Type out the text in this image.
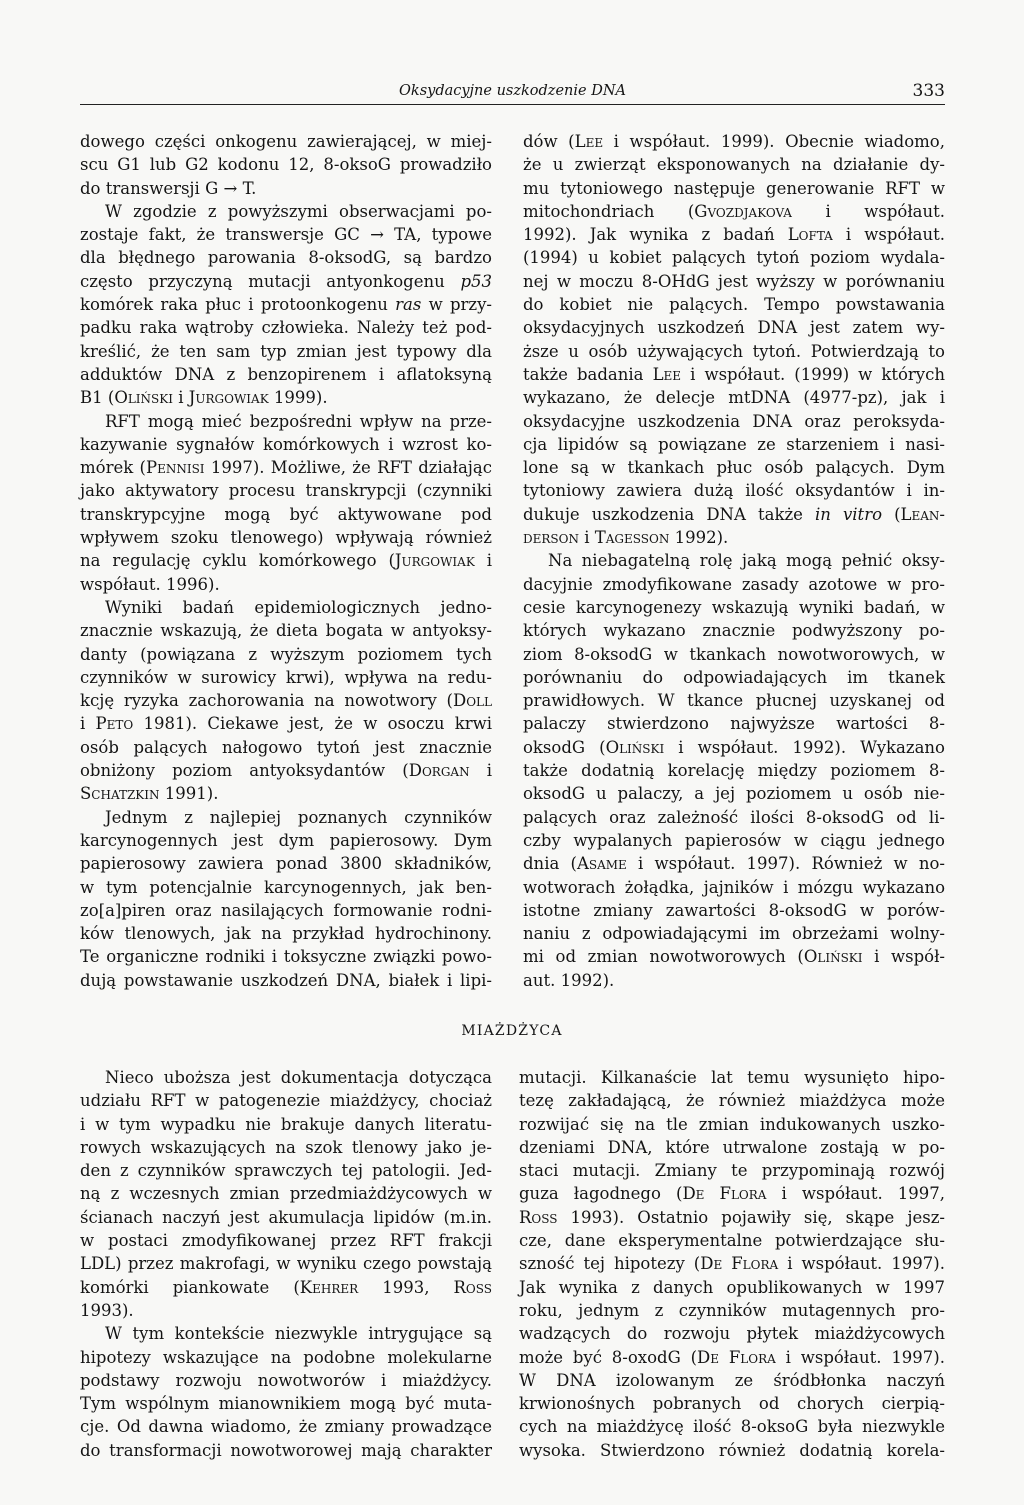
Oksydacyjne uszkodzenie DNA	333
dowego części onkogenu zawierającej, w miej-
scu G1 lub G2 kodonu 12, 8-oksoG prowadziło
do transwersji G → T.
W zgodzie z powyższymi obserwacjami po-
zostaje fakt, że transwersje GC → TA, typowe
dla błędnego parowania 8-oksodG, są bardzo
często przyczyną mutacji antyonkogenu p53
komórek raka płuc i protoonkogenu ras w przy-
padku raka wątroby człowieka. Należy też pod-
kreślić, że ten sam typ zmian jest typowy dla
adduktów DNA z benzopirenem i aflatoksyną
B1 (Oliński i Jurgowiak 1999).
RFT mogą mieć bezpośredni wpływ na prze-
kazywanie sygnałów komórkowych i wzrost ko-
mórek (Pennisi 1997). Możliwe, że RFT działając
jako aktywatory procesu transkrypcji (czynniki
transkrypcyjne mogą być aktywowane pod
wpływem szoku tlenowego) wpływają również
na regulację cyklu komórkowego (Jurgowiak i
współaut. 1996).
Wyniki badań epidemiologicznych jedno-
znacznie wskazują, że dieta bogata w antyoksy-
danty (powiązana z wyższym poziomem tych
czynników w surowicy krwi), wpływa na redu-
kcję ryzyka zachorowania na nowotwory (Doll
i Peto 1981). Ciekawe jest, że w osoczu krwi
osób palących nałogowo tytoń jest znacznie
obniżony poziom antyoksydantów (Dorgan i
Schatzkin 1991).
Jednym z najlepiej poznanych czynników
karcynogennych jest dym papierosowy. Dym
papierosowy zawiera ponad 3800 składników,
w tym potencjalnie karcynogennych, jak ben-
zo[a]piren oraz nasilających formowanie rodni-
ków tlenowych, jak na przykład hydrochinony.
Te organiczne rodniki i toksyczne związki powo-
dują powstawanie uszkodzeń DNA, białek i lipi-
dów (Lee i współaut. 1999). Obecnie wiadomo,
że u zwierząt eksponowanych na działanie dy-
mu tytoniowego następuje generowanie RFT w
mitochondriach (Gvozdjakova i współaut.
1992). Jak wynika z badań Lofta i współaut.
(1994) u kobiet palących tytoń poziom wydala-
nej w moczu 8-OHdG jest wyższy w porównaniu
do kobiet nie palących. Tempo powstawania
oksydacyjnych uszkodzeń DNA jest zatem wy-
ższe u osób używających tytoń. Potwierdzają to
także badania Lee i współaut. (1999) w których
wykazano, że delecje mtDNA (4977-pz), jak i
oksydacyjne uszkodzenia DNA oraz peroksyda-
cja lipidów są powiązane ze starzeniem i nasi-
lone są w tkankach płuc osób palących. Dym
tytoniowy zawiera dużą ilość oksydantów i in-
dukuje uszkodzenia DNA także in vitro (Lean-
derson i Tagesson 1992).
Na niebagatelną rolę jaką mogą pełnić oksy-
dacyjnie zmodyfikowane zasady azotowe w pro-
cesie karcynogenezy wskazują wyniki badań, w
których wykazano znacznie podwyższony po-
ziom 8-oksodG w tkankach nowotworowych, w
porównaniu do odpowiadających im tkanek
prawidłowych. W tkance płucnej uzyskanej od
palaczy stwierdzono najwyższe wartości 8-
oksodG (Oliński i współaut. 1992). Wykazano
także dodatnią korelację między poziomem 8-
oksodG u palaczy, a jej poziomem u osób nie-
palących oraz zależność ilości 8-oksodG od li-
czby wypalanych papierosów w ciągu jednego
dnia (Asame i współaut. 1997). Również w no-
wotworach żołądka, jajników i mózgu wykazano
istotne zmiany zawartości 8-oksodG w porów-
naniu z odpowiadającymi im obrzeżami wolny-
mi od zmian nowotworowych (Oliński i współ-
aut. 1992).
MIAŻDŻYCA
Nieco uboższa jest dokumentacja dotycząca
udziału RFT w patogenezie miażdżycy, chociaż
i w tym wypadku nie brakuje danych literatu-
rowych wskazujących na szok tlenowy jako je-
den z czynników sprawczych tej patologii. Jed-
ną z wczesnych zmian przedmiażdżycowych w
ścianach naczyń jest akumulacja lipidów (m.in.
w postaci zmodyfikowanej przez RFT frakcji
LDL) przez makrofagi, w wyniku czego powstają
komórki piankowate (Kehrer 1993, Ross
1993).
W tym kontekście niezwykle intrygujące są
hipotezy wskazujące na podobne molekularne
podstawy rozwoju nowotworów i miażdżycy.
Tym wspólnym mianownikiem mogą być muta-
cje. Od dawna wiadomo, że zmiany prowadzące
do transformacji nowotworowej mają charakter
mutacji. Kilkanaście lat temu wysunięto hipo-
tezę zakładającą, że również miażdżyca może
rozwijać się na tle zmian indukowanych uszko-
dzeniami DNA, które utrwalone zostają w po-
staci mutacji. Zmiany te przypominają rozwój
guza łagodnego (De Flora i współaut. 1997,
Ross 1993). Ostatnio pojawiły się, skąpe jesz-
cze, dane eksperymentalne potwierdzające słu-
szność tej hipotezy (De Flora i współaut. 1997).
Jak wynika z danych opublikowanych w 1997
roku, jednym z czynników mutagennych pro-
wadzących do rozwoju płytek miażdżycowych
może być 8-oxodG (De Flora i współaut. 1997).
W DNA izolowanym ze śródbłonka naczyń
krwionośnych pobranych od chorych cierpią-
cych na miażdżycę ilość 8-oksoG była niezwykle
wysoka. Stwierdzono również dodatnią korela-
